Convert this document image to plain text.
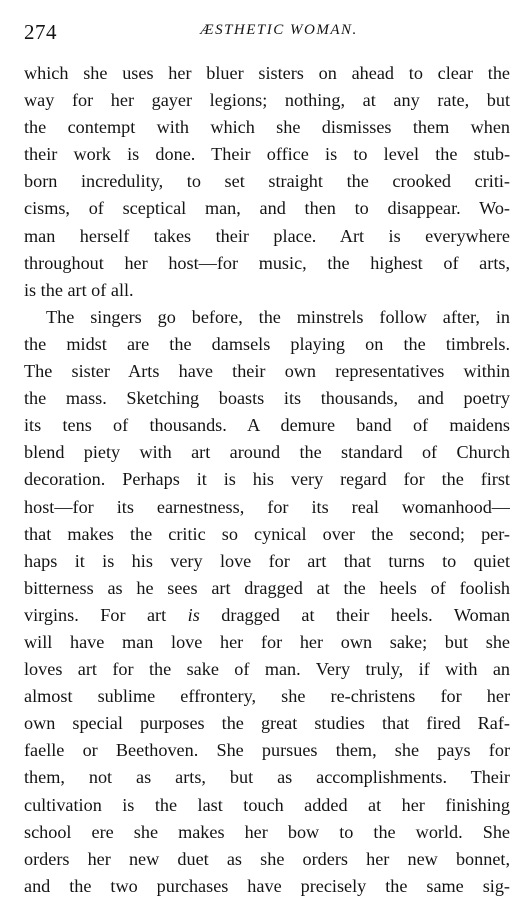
274	ÆSTHETIC WOMAN.
which she uses her bluer sisters on ahead to clear the
way for her gayer legions; nothing, at any rate, but
the contempt with which she dismisses them when
their work is done. Their office is to level the stub-
born incredulity, to set straight the crooked criti-
cisms, of sceptical man, and then to disappear. Wo-
man herself takes their place. Art is everywhere
throughout her host—for music, the highest of arts,
is the art of all.
The singers go before, the minstrels follow after, in
the midst are the damsels playing on the timbrels.
The sister Arts have their own representatives within
the mass. Sketching boasts its thousands, and poetry
its tens of thousands. A demure band of maidens
blend piety with art around the standard of Church
decoration. Perhaps it is his very regard for the first
host—for its earnestness, for its real womanhood—
that makes the critic so cynical over the second; per-
haps it is his very love for art that turns to quiet
bitterness as he sees art dragged at the heels of foolish
virgins. For art is dragged at their heels. Woman
will have man love her for her own sake; but she
loves art for the sake of man. Very truly, if with an
almost sublime effrontery, she re-christens for her
own special purposes the great studies that fired Raf-
faelle or Beethoven. She pursues them, she pays for
them, not as arts, but as accomplishments. Their
cultivation is the last touch added at her finishing
school ere she makes her bow to the world. She
orders her new duet as she orders her new bonnet,
and the two purchases have precisely the same sig-
